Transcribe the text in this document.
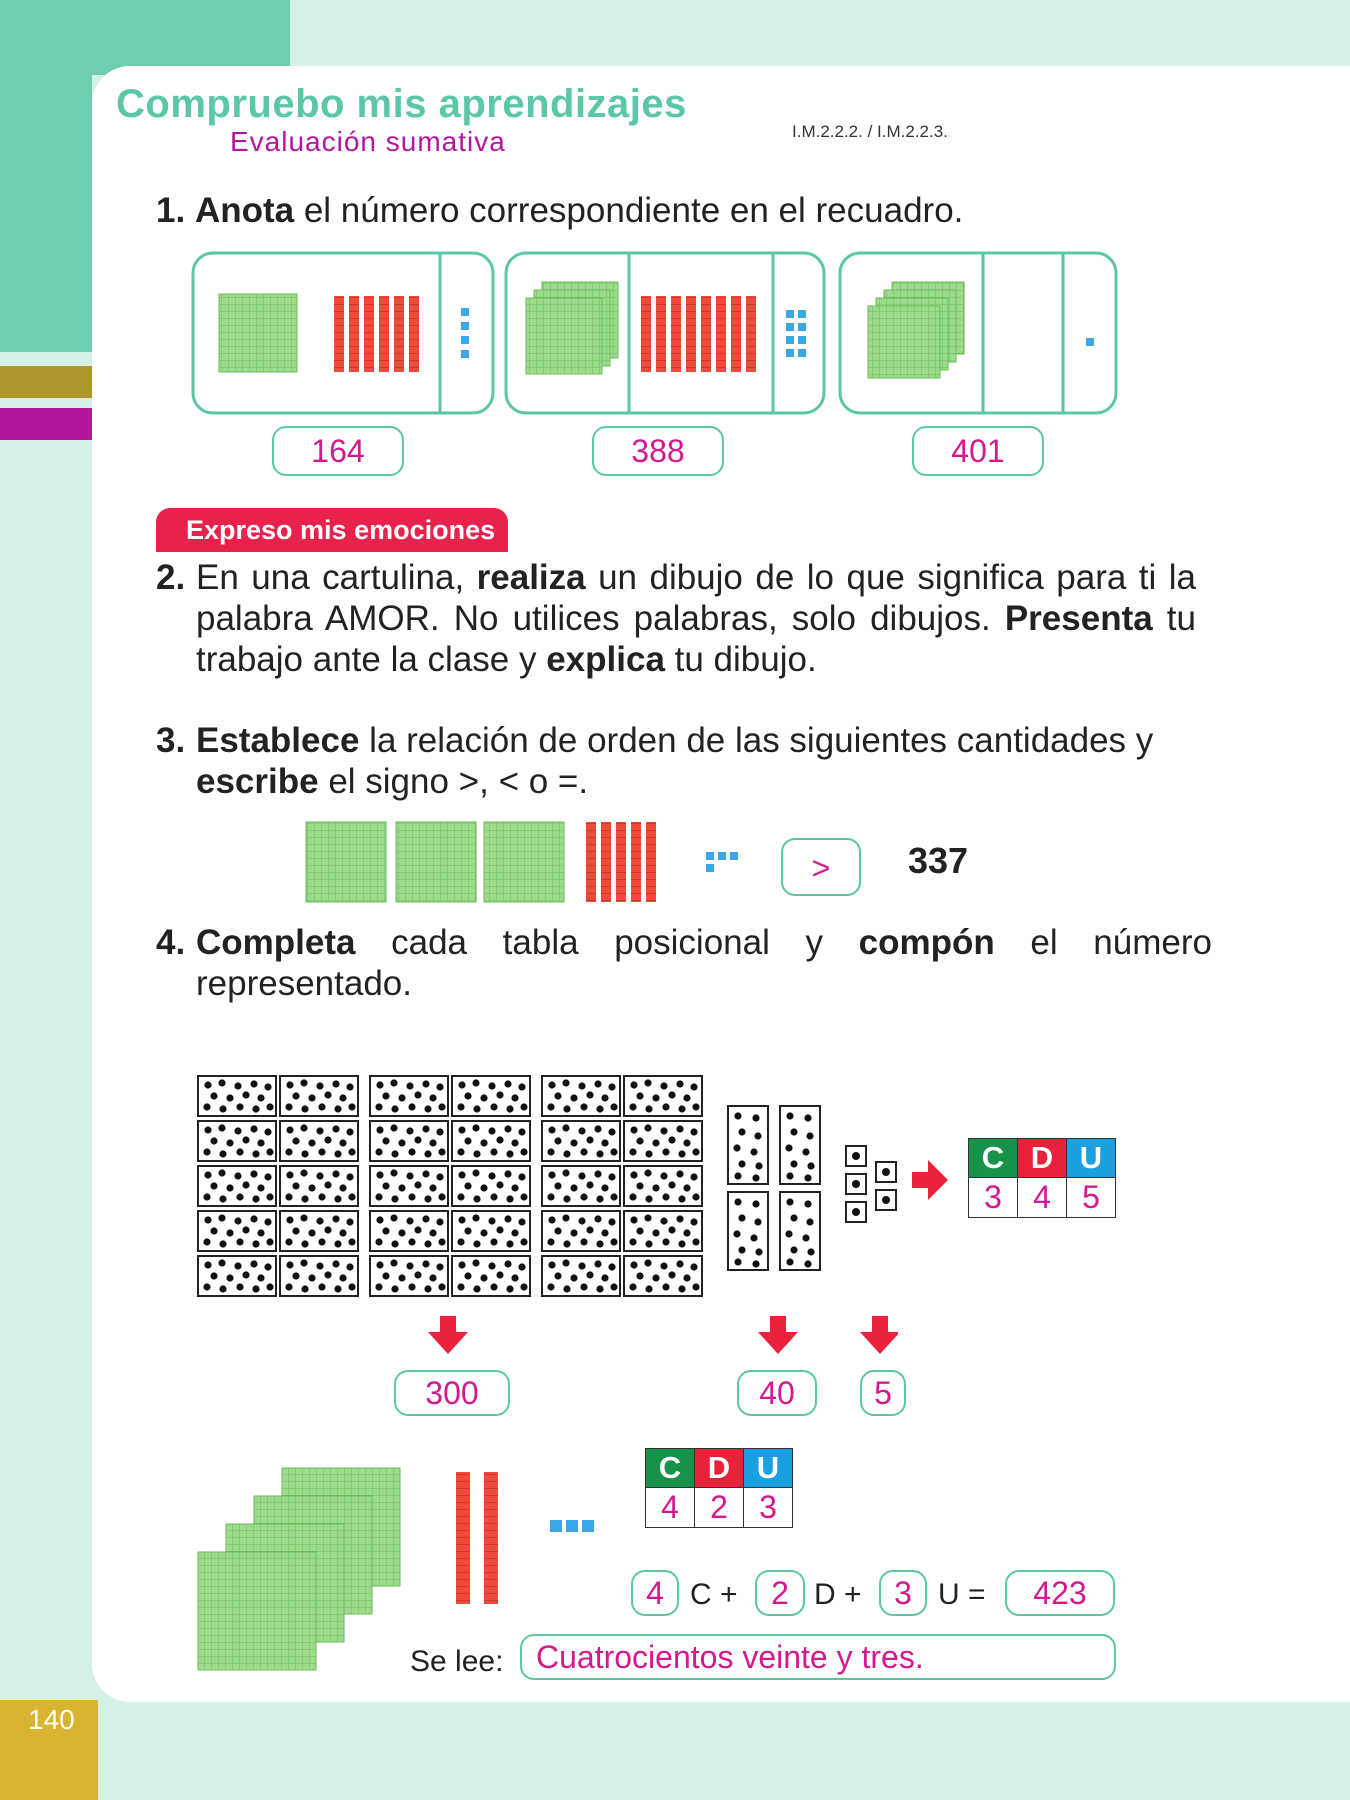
140
Compruebo mis aprendizajes
Evaluación sumativa	I.M.2.2.2. / I.M.2.2.3.
1. Anota el número correspondiente en el recuadro.
164	388	401
Expreso mis emociones
2. En una cartulina, realiza un dibujo de lo que significa para ti la palabra AMOR. No utilices palabras, solo dibujos. Presenta tu trabajo ante la clase y explica tu dibujo.
3. Establece la relación de orden de las siguientes cantidades y escribe el signo >, < o =.
>	337
4. Completa cada tabla posicional y compón el número representado.
C	D	U
3	4	5
300	40	5
C	D	U
4	2	3
4 C +	2 D +	3 U =	423
Se lee:	Cuatrocientos veinte y tres.
